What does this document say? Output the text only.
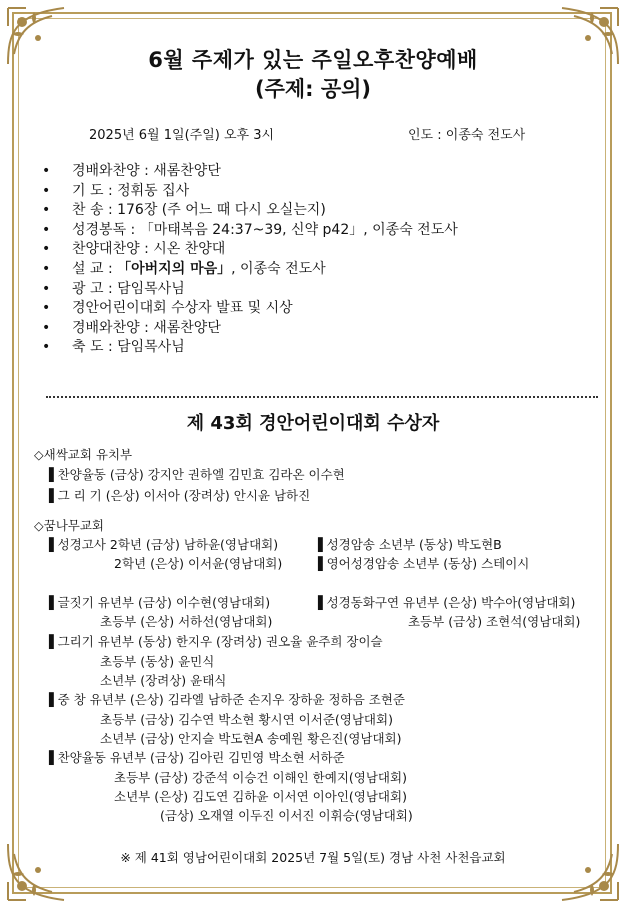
6월 주제가 있는 주일오후찬양예배
(주제: 공의)
2025년 6월 1일(주일) 오후 3시	인도 : 이종숙 전도사
•	경배와찬양 : 새롬찬양단
•	기 도 : 정휘동 집사
•	찬 송 : 176장 (주 어느 때 다시 오실는지)
•	성경봉독 : 「마태복음 24:37~39, 신약 p42」, 이종숙 전도사
•	찬양대찬양 : 시온 찬양대
•	설 교 : 「아버지의 마음」, 이종숙 전도사
•	광 고 : 담임목사님
•	경안어린이대회 수상자 발표 및 시상
•	경배와찬양 : 새롬찬양단
•	축 도 : 담임목사님
제 43회 경안어린이대회 수상자
◇새싹교회 유치부
▐ 찬양율동 (금상) 강지안 권하엘 김민효 김라온 이수현
▐ 그 리 기 (은상) 이서아 (장려상) 안시윤 남하진
◇꿈나무교회
▐ 성경고사 2학년 (금상) 남하윤(영남대회)
2학년 (은상) 이서윤(영남대회)
▐ 성경암송 소년부 (동상) 박도현B
▐ 영어성경암송 소년부 (동상) 스테이시
▐ 글짓기 유년부 (금상) 이수현(영남대회)
초등부 (은상) 서하선(영남대회)
▐ 성경동화구연 유년부 (은상) 박수아(영남대회)
초등부 (금상) 조현석(영남대회)
▐ 그리기 유년부 (동상) 한지우 (장려상) 권오율 윤주희 장이슬
초등부 (동상) 윤민식
소년부 (장려상) 윤태식
▐ 중 창 유년부 (은상) 김라엘 남하준 손지우 장하윤 정하음 조현준
초등부 (금상) 김수연 박소현 황시연 이서준(영남대회)
소년부 (금상) 안지슬 박도현A 송예원 황은진(영남대회)
▐ 찬양율동 유년부 (금상) 김아린 김민영 박소현 서하준
초등부 (금상) 강준석 이승건 이해인 한예지(영남대회)
소년부 (은상) 김도연 김하윤 이서연 이아인(영남대회)
(금상) 오재열 이두진 이서진 이휘승(영남대회)
※ 제 41회 영남어린이대회 2025년 7월 5일(토) 경남 사천 사천읍교회
